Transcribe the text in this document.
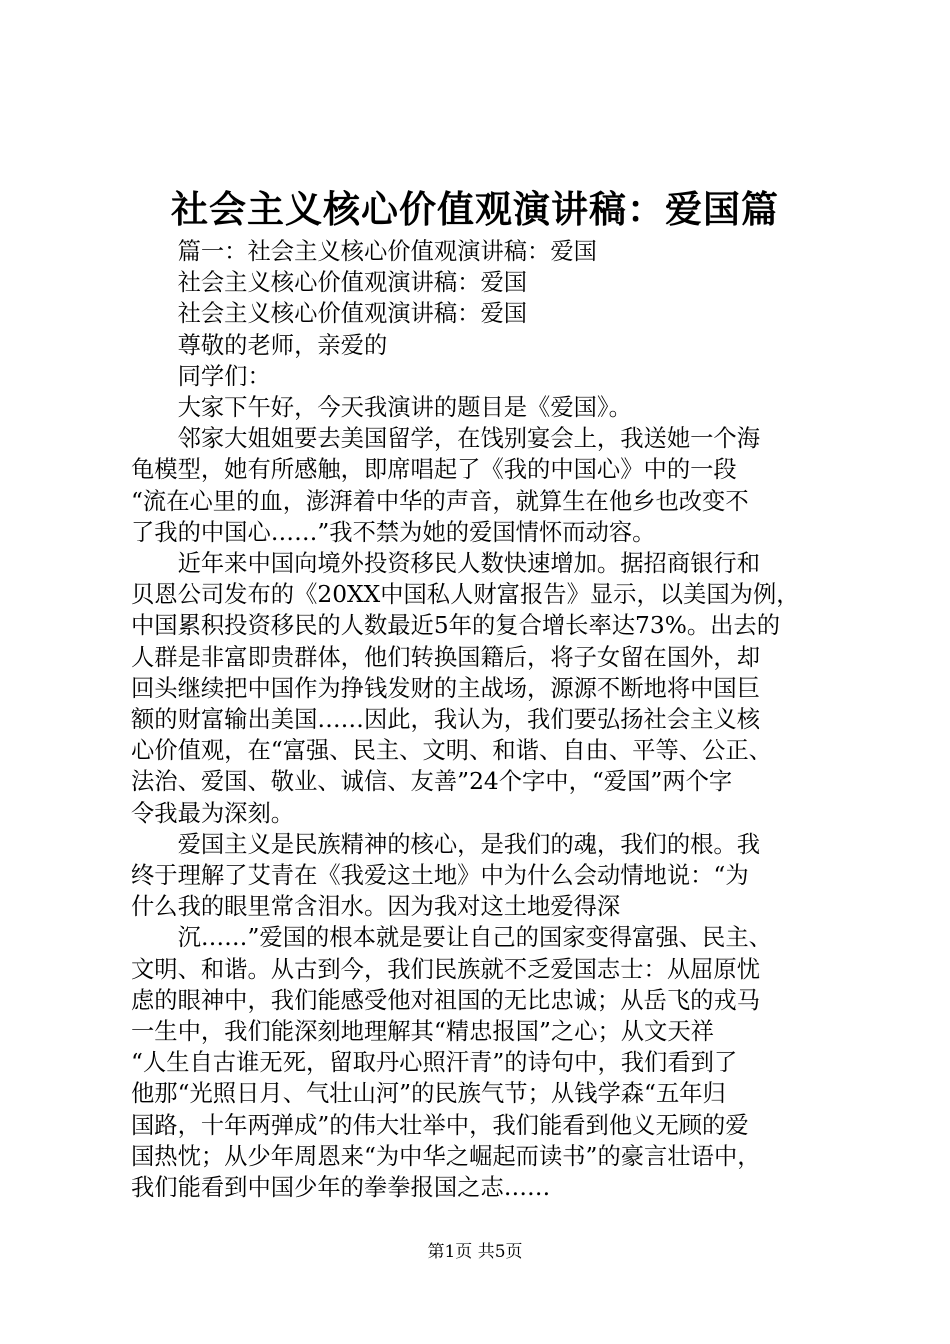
社会主义核心价值观演讲稿：爱国篇

篇一：社会主义核心价值观演讲稿：爱国

社会主义核心价值观演讲稿：爱国

社会主义核心价值观演讲稿：爱国

尊敬的老师，亲爱的

同学们：

大家下午好，今天我演讲的题目是《爱国》。

邻家大姐姐要去美国留学，在饯别宴会上，我送她一个海

龟模型，她有所感触，即席唱起了《我的中国心》中的一段

“流在心里的血，澎湃着中华的声音，就算生在他乡也改变不

了我的中国心……”我不禁为她的爱国情怀而动容。

近年来中国向境外投资移民人数快速增加。据招商银行和

贝恩公司发布的《20XX中国私人财富报告》显示，以美国为例，

中国累积投资移民的人数最近5年的复合增长率达73%。出去的

人群是非富即贵群体，他们转换国籍后，将子女留在国外，却

回头继续把中国作为挣钱发财的主战场，源源不断地将中国巨

额的财富输出美国……因此，我认为，我们要弘扬社会主义核

心价值观，在“富强、民主、文明、和谐、自由、平等、公正、

法治、爱国、敬业、诚信、友善”24个字中，“爱国”两个字

令我最为深刻。

爱国主义是民族精神的核心，是我们的魂，我们的根。我

终于理解了艾青在《我爱这土地》中为什么会动情地说：“为

什么我的眼里常含泪水。因为我对这土地爱得深

沉……”爱国的根本就是要让自己的国家变得富强、民主、

文明、和谐。从古到今，我们民族就不乏爱国志士：从屈原忧

虑的眼神中，我们能感受他对祖国的无比忠诚；从岳飞的戎马

一生中，我们能深刻地理解其“精忠报国”之心；从文天祥

“人生自古谁无死，留取丹心照汗青”的诗句中，我们看到了

他那“光照日月、气壮山河”的民族气节；从钱学森“五年归

国路，十年两弹成”的伟大壮举中，我们能看到他义无顾的爱

国热忱；从少年周恩来“为中华之崛起而读书”的豪言壮语中，

我们能看到中国少年的拳拳报国之志……

第1页 共5页
